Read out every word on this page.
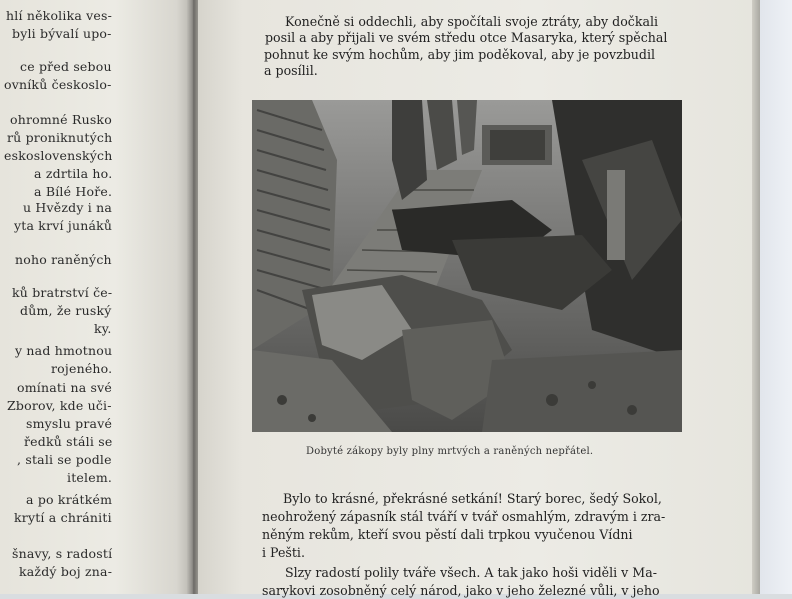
hlí několika ves-
byli bývalí upo-
ce před sebou
ovníků českoslo-
ohromné Rusko
rů proniknutých
eskoslovenských
a zdrtila ho.
a Bílé Hoře.
u Hvězdy i na
yta krví junáků
noho raněných
ků bratrství če-
dům, že ruský
ky.
y nad hmotnou
rojeného.
omínati na své
Zborov, kde uči-
smyslu pravé
ředků stáli se
, stali se podle
itelem.
a po krátkém
krytí a chrániti
šnavy, s radostí
každý boj zna-
Konečně si oddechli, aby spočítali svoje ztráty, aby dočkali
posil a aby přijali ve svém středu otce Masaryka, který spěchal
pohnut ke svým hochům, aby jim poděkoval, aby je povzbudil
a posílil.
Dobyté zákopy byly plny mrtvých a raněných nepřátel.
Bylo to krásné, překrásné setkání! Starý borec, šedý Sokol,
neohrožený zápasník stál tváří v tvář osmahlým, zdravým i zra-
něným rekům, kteří svou pěstí dali trpkou vyučenou Vídni
i Pešti.
Slzy radostí polily tváře všech. A tak jako hoši viděli v Ma-
sarykovi zosobněný celý národ, jako v jeho železné vůli, v jeho
